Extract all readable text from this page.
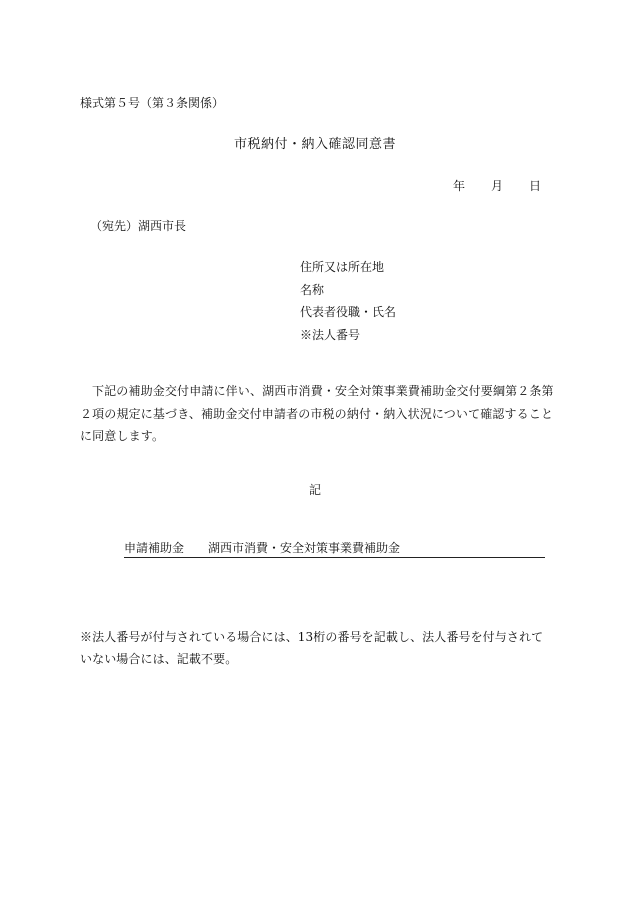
様式第５号（第３条関係）
市税納付・納入確認同意書
年 月 日
（宛先）湖西市長
住所又は所在地
名称
代表者役職・氏名
※法人番号
下記の補助金交付申請に伴い、湖西市消費・安全対策事業費補助金交付要綱第２条第２項の規定に基づき、補助金交付申請者の市税の納付・納入状況について確認することに同意します。
記
申請補助金 湖西市消費・安全対策事業費補助金
※法人番号が付与されている場合には、13桁の番号を記載し、法人番号を付与されていない場合には、記載不要。
